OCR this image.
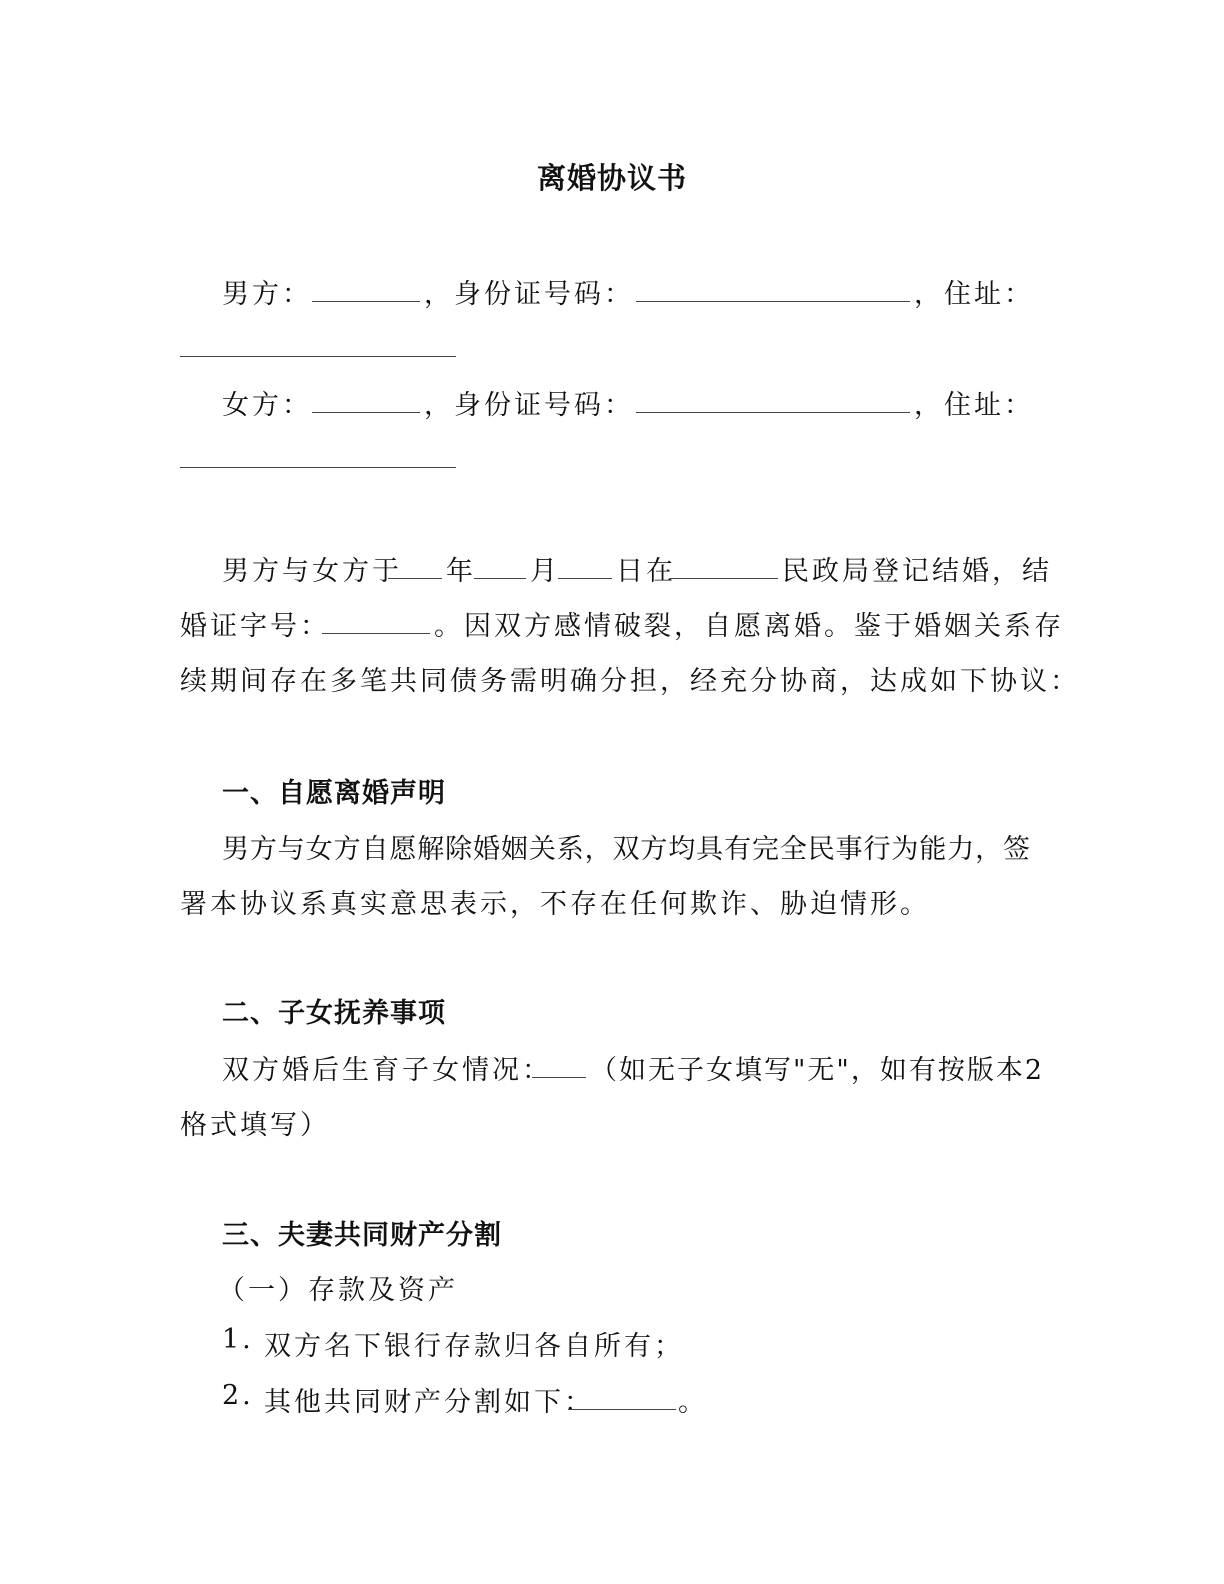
离婚协议书
男方：	，身份证号码：	，住址：
女方：	，身份证号码：	，住址：
男方与女方于 年 月 日在	民政局登记结婚，结
婚证字号：	。因双方感情破裂，自愿离婚。鉴于婚姻关系存
续期间存在多笔共同债务需明确分担，经充分协商，达成如下协议：
一、自愿离婚声明
男方与女方自愿解除婚姻关系，双方均具有完全民事行为能力，签
署本协议系真实意思表示，不存在任何欺诈、胁迫情形。
二、子女抚养事项
双方婚后生育子女情况： （如无子女填写"无"，如有按版本2
格式填写）
三、夫妻共同财产分割
（一）存款及资产
1. 双方名下银行存款归各自所有；
2. 其他共同财产分割如下：	。
